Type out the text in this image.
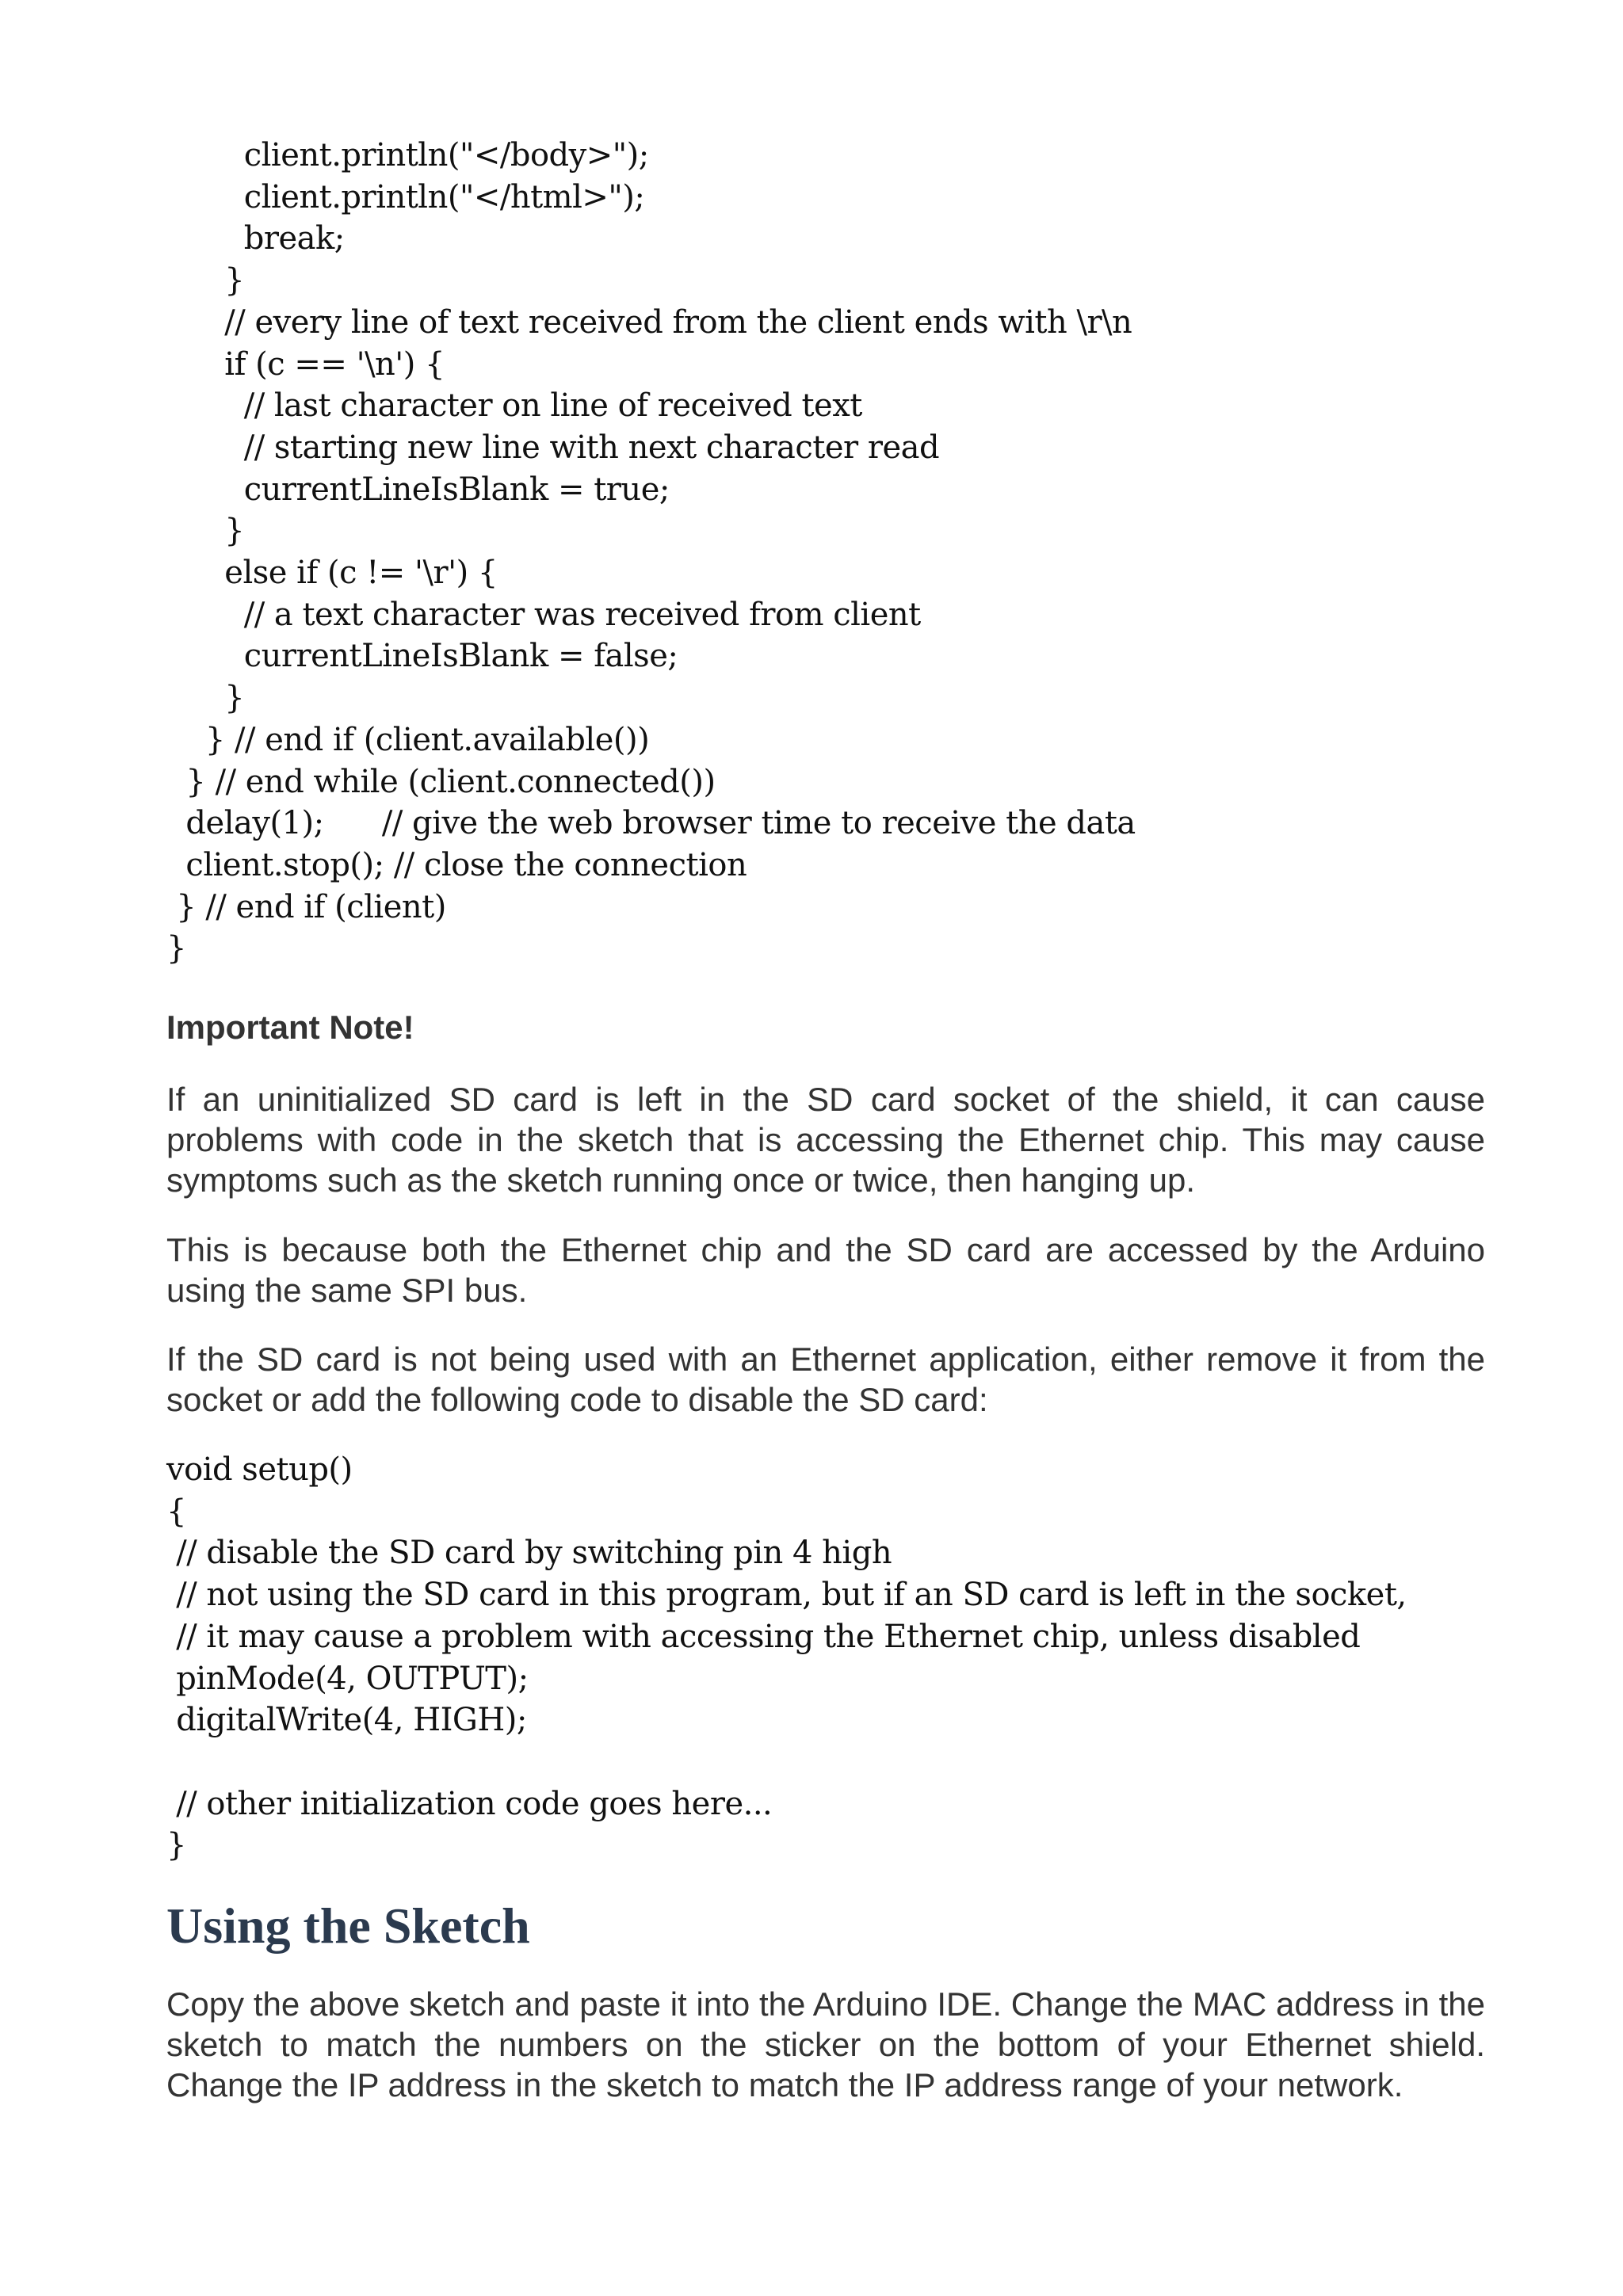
client.println("</body>");
client.println("</html>");
break;
}
// every line of text received from the client ends with \r\n
if (c == '\n') {
// last character on line of received text
// starting new line with next character read
currentLineIsBlank = true;
}
else if (c != '\r') {
// a text character was received from client
currentLineIsBlank = false;
}
} // end if (client.available())
} // end while (client.connected())
delay(1);      // give the web browser time to receive the data
client.stop(); // close the connection
} // end if (client)
}
Important Note!
If an uninitialized SD card is left in the SD card socket of the shield, it can cause problems with code in the sketch that is accessing the Ethernet chip. This may cause symptoms such as the sketch running once or twice, then hanging up.
This is because both the Ethernet chip and the SD card are accessed by the Arduino using the same SPI bus.
If the SD card is not being used with an Ethernet application, either remove it from the socket or add the following code to disable the SD card:
void setup()
{
// disable the SD card by switching pin 4 high
// not using the SD card in this program, but if an SD card is left in the socket,
// it may cause a problem with accessing the Ethernet chip, unless disabled
pinMode(4, OUTPUT);
digitalWrite(4, HIGH);

// other initialization code goes here...
}
Using the Sketch
Copy the above sketch and paste it into the Arduino IDE. Change the MAC address in the sketch to match the numbers on the sticker on the bottom of your Ethernet shield. Change the IP address in the sketch to match the IP address range of your network.
